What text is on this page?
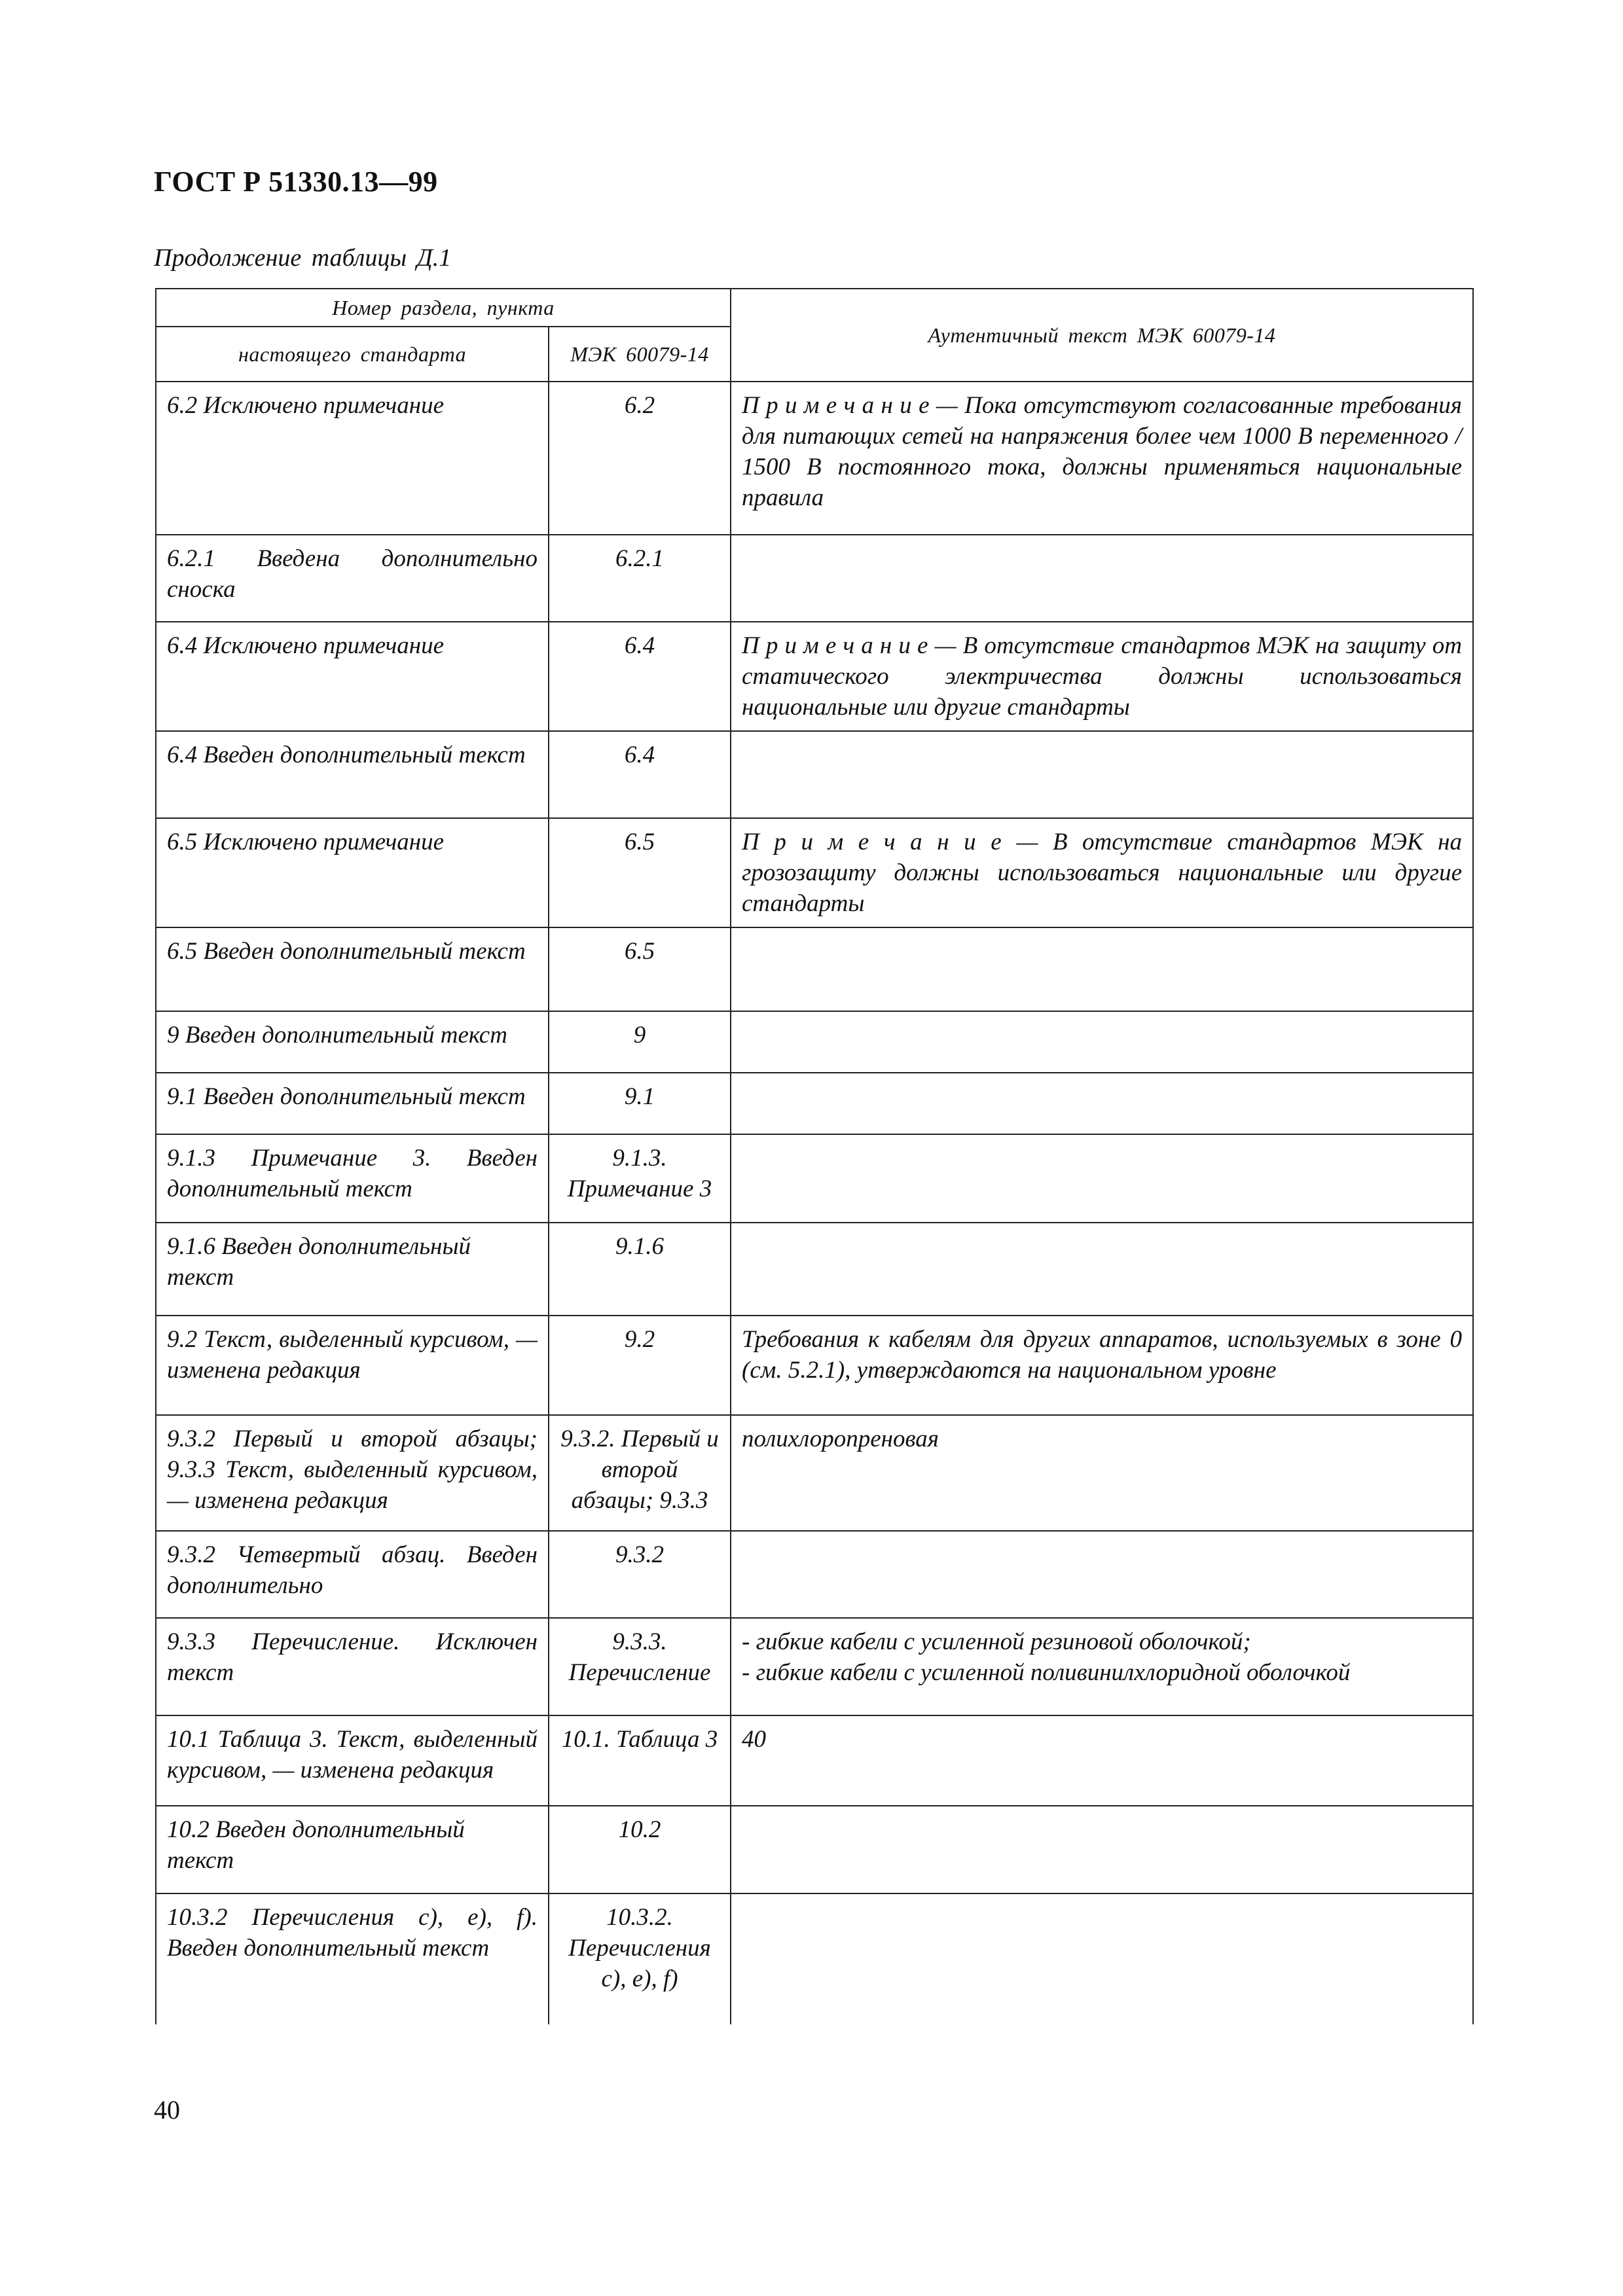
ГОСТ Р 51330.13—99
Продолжение таблицы Д.1
Номер раздела, пункта		Аутентичный текст МЭК 60079-14
настоящего стандарта	МЭК 60079-14	
6.2 Исключено примечание	6.2	П р и м е ч а н и е — Пока отсутствуют согласованные требования для питающих сетей на напряжения более чем 1000 В переменного / 1500 В постоянного тока, должны применяться национальные правила
6.2.1 Введена дополнительно сноска	6.2.1	
6.4 Исключено примечание	6.4	П р и м е ч а н и е — В отсутствие стандартов МЭК на защиту от статического электричества должны использоваться национальные или другие стандарты
6.4 Введен дополнительный текст	6.4	
6.5 Исключено примечание	6.5	П р и м е ч а н и е — В отсутствие стандартов МЭК на грозозащиту должны использоваться национальные или другие стандарты
6.5 Введен дополнительный текст	6.5	
9 Введен дополнительный текст	9	
9.1 Введен дополнительный текст	9.1	
9.1.3 Примечание 3. Введен дополнительный текст	9.1.3. Примечание 3	
9.1.6 Введен дополнительный текст	9.1.6	
9.2 Текст, выделенный курсивом, — изменена редакция	9.2	Требования к кабелям для других аппаратов, используемых в зоне 0 (см. 5.2.1), утверждаются на национальном уровне
9.3.2 Первый и второй абзацы; 9.3.3 Текст, выделенный курсивом, — изменена редакция	9.3.2. Первый и второй абзацы; 9.3.3	полихлоропреновая
9.3.2 Четвертый абзац. Введен дополнительно	9.3.2	
9.3.3 Перечисление. Исключен текст	9.3.3. Перечисление	- гибкие кабели с усиленной резиновой оболочкой;
- гибкие кабели с усиленной поливинилхлоридной оболочкой
10.1 Таблица 3. Текст, выделенный курсивом, — изменена редакция	10.1. Таблица 3	40
10.2 Введен дополнительный текст	10.2	
10.3.2 Перечисления с), е), f). Введен дополнительный текст	10.3.2. Перечисления с), е), f)	
40
